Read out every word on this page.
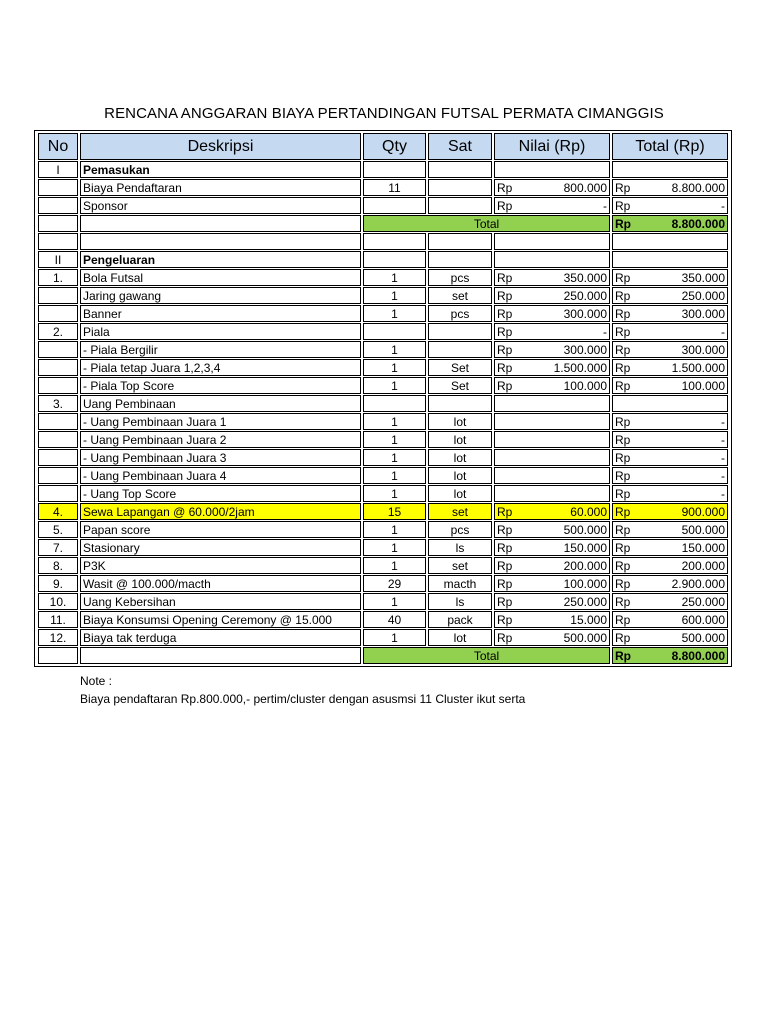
RENCANA ANGGARAN BIAYA PERTANDINGAN FUTSAL PERMATA CIMANGGIS
No	Deskripsi	Qty	Sat	Nilai (Rp)	Total (Rp)
I	Pemasukan			

	Biaya Pendaftaran	11		Rp 800.000	Rp 8.800.000

	Sponsor			Rp -	Rp -

		Total			Rp 8.800.000

II	Pengeluaran			

1.	Bola Futsal	1	pcs	Rp 350.000	Rp 350.000

	Jaring gawang	1	set	Rp 250.000	Rp 250.000

	Banner	1	pcs	Rp 300.000	Rp 300.000

2.	Piala			Rp -	Rp -

	- Piala Bergilir	1		Rp 300.000	Rp 300.000

	- Piala tetap Juara 1,2,3,4	1	Set	Rp 1.500.000	Rp 1.500.000

	- Piala Top Score	1	Set	Rp 100.000	Rp 100.000

3.	Uang Pembinaan			

	- Uang Pembinaan Juara 1	1	lot		Rp -

	- Uang Pembinaan Juara 2	1	lot		Rp -

	- Uang Pembinaan Juara 3	1	lot		Rp -

	- Uang Pembinaan Juara 4	1	lot		Rp -

	- Uang Top Score	1	lot		Rp -

4.	Sewa Lapangan @ 60.000/2jam	15	set	Rp 60.000	Rp 900.000

5.	Papan score	1	pcs	Rp 500.000	Rp 500.000

7.	Stasionary	1	ls	Rp 150.000	Rp 150.000

8.	P3K	1	set	Rp 200.000	Rp 200.000

9.	Wasit @ 100.000/macth	29	macth	Rp 100.000	Rp 2.900.000

10.	Uang Kebersihan	1	ls	Rp 250.000	Rp 250.000

11.	Biaya Konsumsi Opening Ceremony @ 15.000	40	pack	Rp 15.000	Rp 600.000

12.	Biaya tak terduga	1	lot	Rp 500.000	Rp 500.000

		Total			Rp 8.800.000
Note :
Biaya pendaftaran Rp.800.000,- pertim/cluster dengan asusmsi 11 Cluster ikut serta
